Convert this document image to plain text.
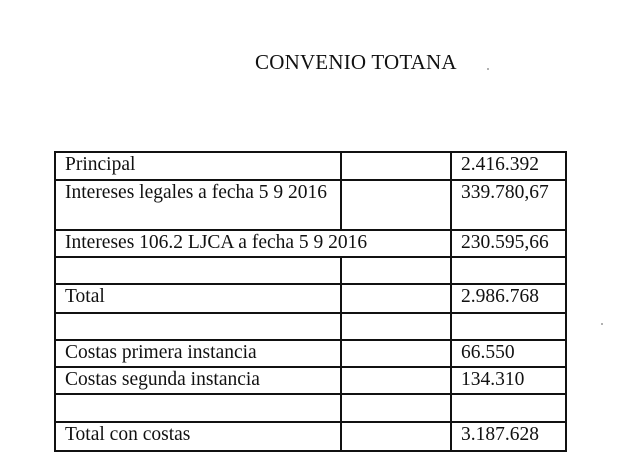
CONVENIO TOTANA
Principal		2.416.392
Intereses legales a fecha 5 9 2016		339.780,67
Intereses 106.2 LJCA a fecha 5 9 2016		230.595,66

Total		2.986.768

Costas primera instancia		66.550
Costas segunda instancia		134.310

Total con costas		3.187.628
